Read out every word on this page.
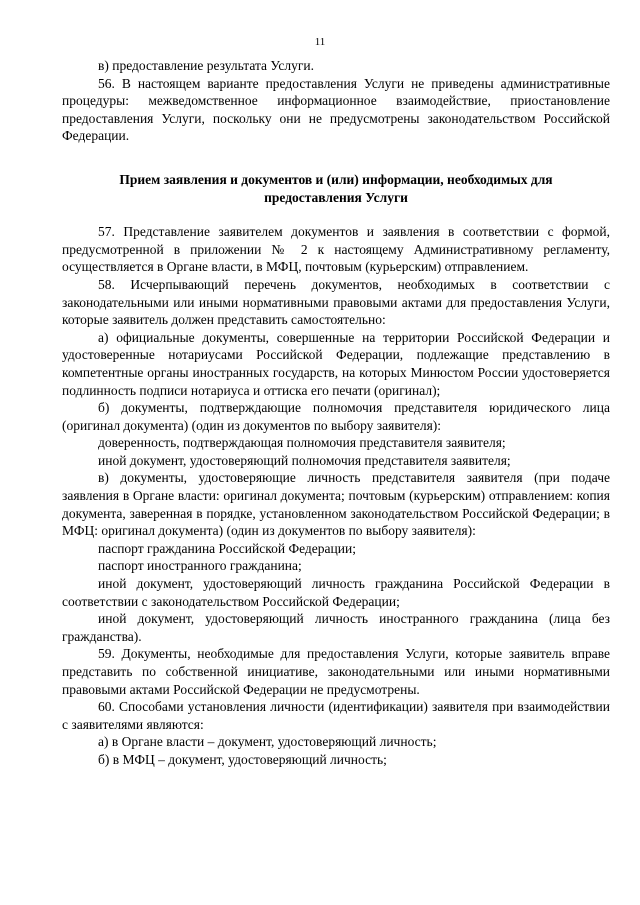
11

в) предоставление результата Услуги.

56. В настоящем варианте предоставления Услуги не приведены административные процедуры: межведомственное информационное взаимодействие, приостановление предоставления Услуги, поскольку они не предусмотрены законодательством Российской Федерации.

Прием заявления и документов и (или) информации, необходимых для предоставления Услуги

57. Представление заявителем документов и заявления в соответствии с формой, предусмотренной в приложении № 2 к настоящему Административному регламенту, осуществляется в Органе власти, в МФЦ, почтовым (курьерским) отправлением.

58. Исчерпывающий перечень документов, необходимых в соответствии с законодательными или иными нормативными правовыми актами для предоставления Услуги, которые заявитель должен представить самостоятельно:

а) официальные документы, совершенные на территории Российской Федерации и удостоверенные нотариусами Российской Федерации, подлежащие представлению в компетентные органы иностранных государств, на которых Минюстом России удостоверяется подлинность подписи нотариуса и оттиска его печати (оригинал);

б) документы, подтверждающие полномочия представителя юридического лица (оригинал документа) (один из документов по выбору заявителя):

доверенность, подтверждающая полномочия представителя заявителя;

иной документ, удостоверяющий полномочия представителя заявителя;

в) документы, удостоверяющие личность представителя заявителя (при подаче заявления в Органе власти: оригинал документа; почтовым (курьерским) отправлением: копия документа, заверенная в порядке, установленном законодательством Российской Федерации; в МФЦ: оригинал документа) (один из документов по выбору заявителя):

паспорт гражданина Российской Федерации;

паспорт иностранного гражданина;

иной документ, удостоверяющий личность гражданина Российской Федерации в соответствии с законодательством Российской Федерации;

иной документ, удостоверяющий личность иностранного гражданина (лица без гражданства).

59. Документы, необходимые для предоставления Услуги, которые заявитель вправе представить по собственной инициативе, законодательными или иными нормативными правовыми актами Российской Федерации не предусмотрены.

60. Способами установления личности (идентификации) заявителя при взаимодействии с заявителями являются:

а) в Органе власти – документ, удостоверяющий личность;

б) в МФЦ – документ, удостоверяющий личность;
